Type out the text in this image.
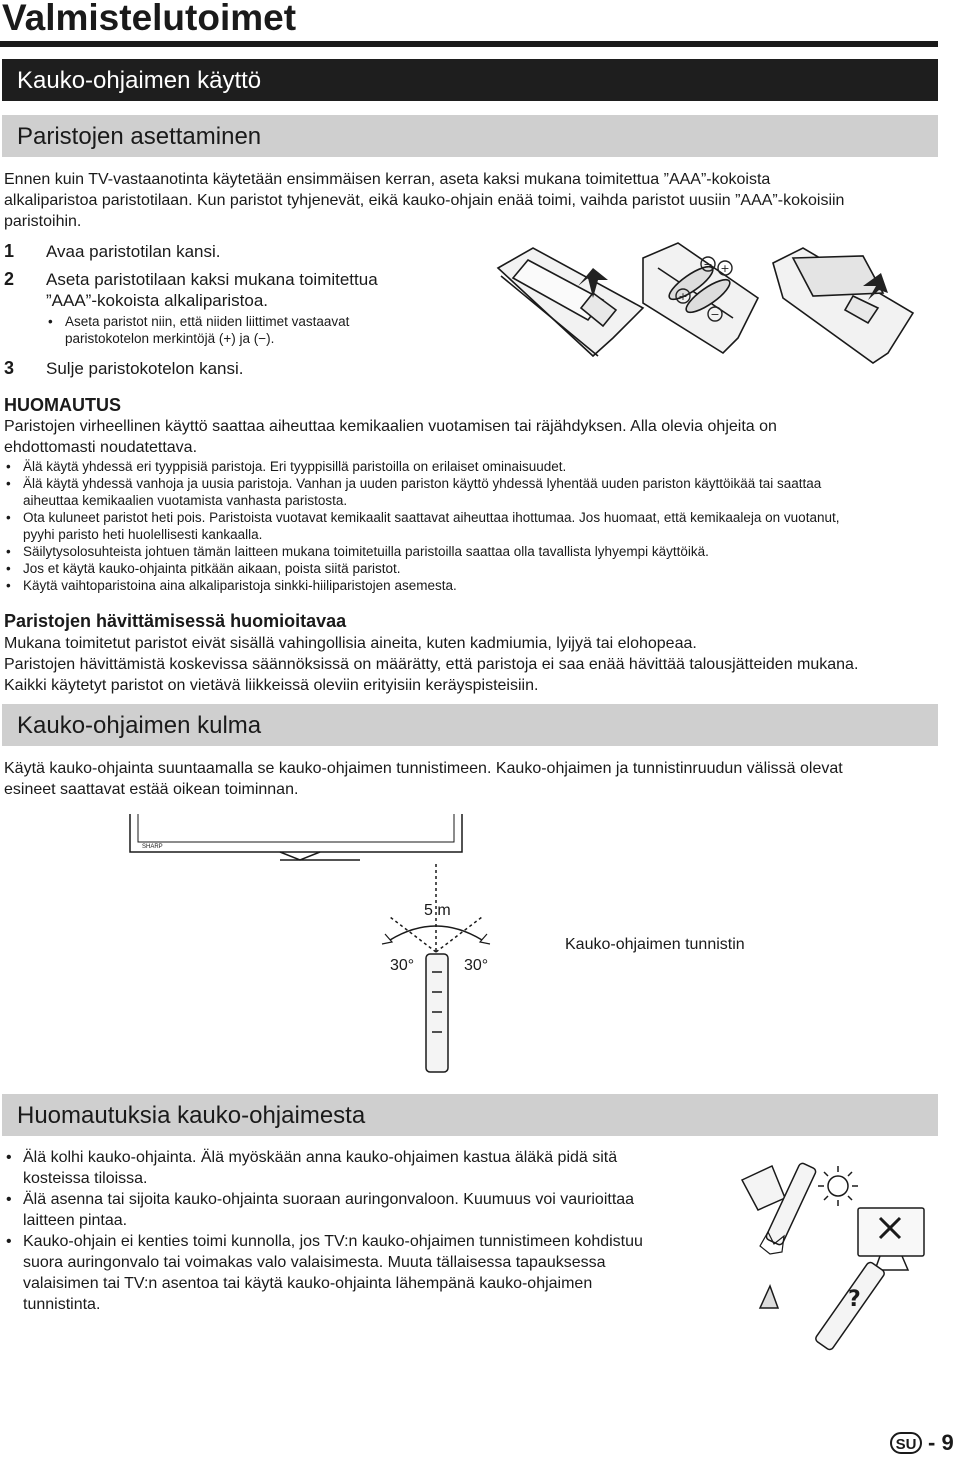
Valmistelutoimet
Kauko-ohjaimen käyttö
Paristojen asettaminen

Ennen kuin TV-vastaanotinta käytetään ensimmäisen kerran, aseta kaksi mukana toimitettua ”AAA”-kokoista

alkaliparistoa paristotilaan. Kun paristot tyhjenevät, eikä kauko-ohjain enää toimi, vaihda paristot uusiin ”AAA”-kokoisiin

paristoihin.

1 Avaa paristotilan kansi.
2 Aseta paristotilaan kaksi mukana toimitettua

”AAA”-kokoista alkaliparistoa.

• Aseta paristot niin, että niiden liittimet vastaavat
paristokotelon merkintöjä (+) ja (−).
3 Sulje paristokotelon kansi.
− +
+
−

HUOMAUTUS

Paristojen virheellinen käyttö saattaa aiheuttaa kemikaalien vuotamisen tai räjähdyksen. Alla olevia ohjeita on

ehdottomasti noudatettava.

• Älä käytä yhdessä eri tyyppisiä paristoja. Eri tyyppisillä paristoilla on erilaiset ominaisuudet.
• Älä käytä yhdessä vanhoja ja uusia paristoja. Vanhan ja uuden pariston käyttö yhdessä lyhentää uuden pariston käyttöikää tai saattaa
aiheuttaa kemikaalien vuotamista vanhasta paristosta.
• Ota kuluneet paristot heti pois. Paristoista vuotavat kemikaalit saattavat aiheuttaa ihottumaa. Jos huomaat, että kemikaaleja on vuotanut,
pyyhi paristo heti huolellisesti kankaalla.
• Säilytysolosuhteista johtuen tämän laitteen mukana toimitetuilla paristoilla saattaa olla tavallista lyhyempi käyttöikä.
• Jos et käytä kauko-ohjainta pitkään aikaan, poista siitä paristot.
• Käytä vaihtoparistoina aina alkaliparistoja sinkki-hiiliparistojen asemesta.

Paristojen hävittämisessä huomioitavaa

Mukana toimitetut paristot eivät sisällä vahingollisia aineita, kuten kadmiumia, lyijyä tai elohopeaa.

Paristojen hävittämistä koskevissa säännöksissä on määrätty, että paristoja ei saa enää hävittää talousjätteiden mukana.

Kaikki käytetyt paristot on vietävä liikkeissä oleviin erityisiin keräyspisteisiin.

Kauko-ohjaimen kulma

Käytä kauko-ohjainta suuntaamalla se kauko-ohjaimen tunnistimeen. Kauko-ohjaimen ja tunnistinruudun välissä olevat

esineet saattavat estää oikean toiminnan.

SHARP
5 m
30°	30°
Kauko-ohjaimen tunnistin
Huomautuksia kauko-ohjaimesta
• Älä kolhi kauko-ohjainta. Älä myöskään anna kauko-ohjaimen kastua äläkä pidä sitä
kosteissa tiloissa.
• Älä asenna tai sijoita kauko-ohjainta suoraan auringonvaloon. Kuumuus voi vaurioittaa
laitteen pintaa.
• Kauko-ohjain ei kenties toimi kunnolla, jos TV:n kauko-ohjaimen tunnistimeen kohdistuu
suora auringonvalo tai voimakas valo valaisimesta. Muuta tällaisessa tapauksessa
valaisimen tai TV:n asentoa tai käytä kauko-ohjainta lähempänä kauko-ohjaimen
tunnistinta.	?
SU - 9
